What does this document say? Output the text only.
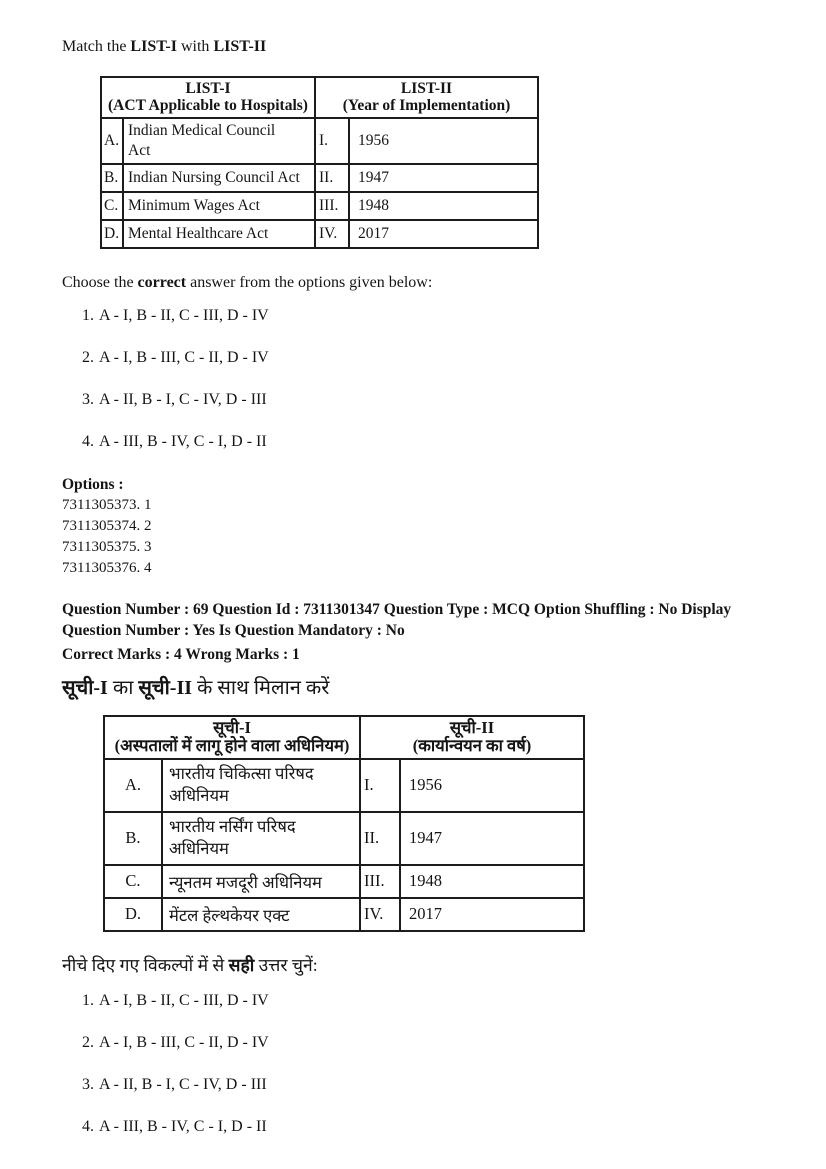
Match the LIST-I with LIST-II

LIST-I
(ACT Applicable to Hospitals)

LIST-II
(Year of Implementation)

A.	Indian Medical Council Act	I.	1956
B.	Indian Nursing Council Act	II.	1947
C.	Minimum Wages Act	III.	1948
D.	Mental Healthcare Act	IV.	2017

Choose the correct answer from the options given below:

1. A - I, B - II, C - III, D - IV
2. A - I, B - III, C - II, D - IV
3. A - II, B - I, C - IV, D - III
4. A - III, B - IV, C - I, D - II

Options :

7311305373. 1

7311305374. 2

7311305375. 3

7311305376. 4

Question Number : 69 Question Id : 7311301347 Question Type : MCQ Option Shuffling : No Display Question Number : Yes Is Question Mandatory : No

Correct Marks : 4 Wrong Marks : 1

सूची-I का सूची-II के साथ मिलान करें

सूची-I
(अस्पतालों में लागू होने वाला अधिनियम)

सूची-II
(कार्यान्वयन का वर्ष)

A.	भारतीय चिकित्सा परिषद अधिनियम	I.	1956
B.	भारतीय नर्सिंग परिषद अधिनियम	II.	1947
C.	न्यूनतम मजदूरी अधिनियम	III.	1948
D.	मेंटल हेल्थकेयर एक्ट	IV.	2017

नीचे दिए गए विकल्पों में से सही उत्तर चुनें:

1. A - I, B - II, C - III, D - IV
2. A - I, B - III, C - II, D - IV
3. A - II, B - I, C - IV, D - III
4. A - III, B - IV, C - I, D - II
